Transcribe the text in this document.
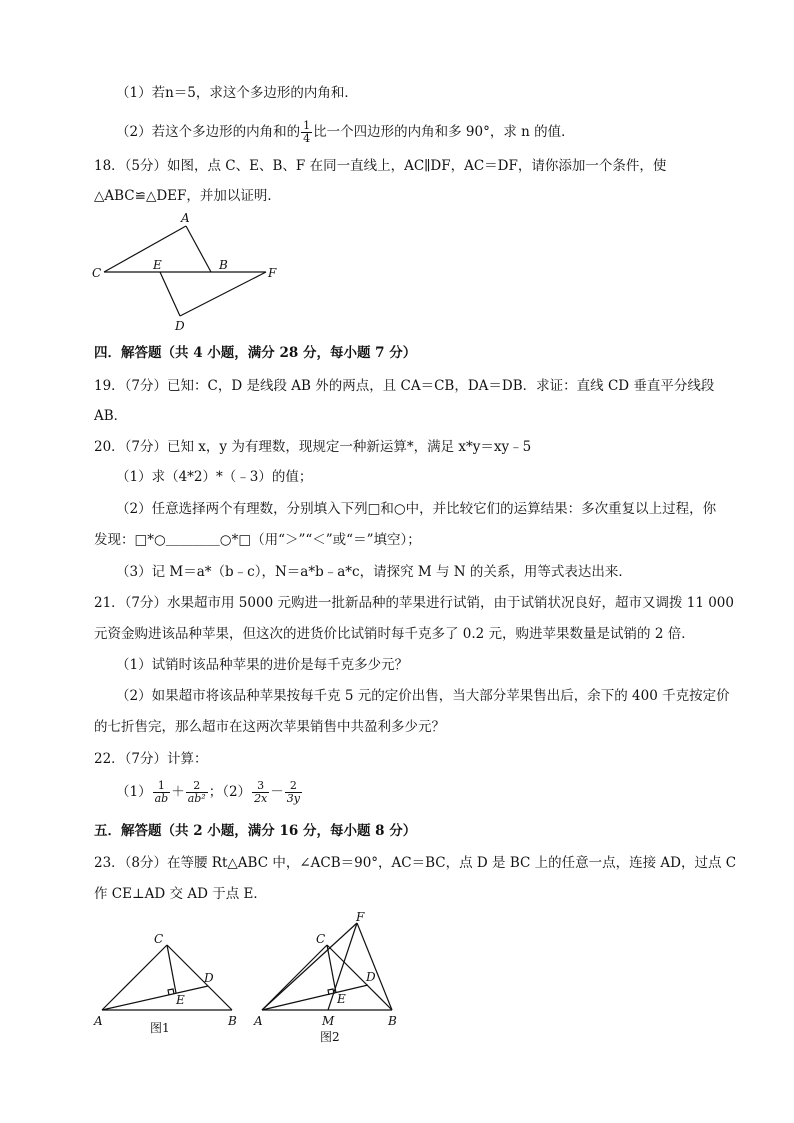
（1）若n＝5，求这个多边形的内角和．
（2）若这个多边形的内角和的 $\frac{1}{4}$ 比一个四边形的内角和多 90°，求 n 的值．
18．（5分）如图，点 C、E、B、F 在同一直线上，AC∥DF，AC＝DF，请你添加一个条件，使
△ABC≌△DEF，并加以证明．
A
C
E	B
F
D
四．解答题（共 4 小题，满分 28 分，每小题 7 分）
19．（7分）已知：C，D 是线段 AB 外的两点，且 CA＝CB，DA＝DB．求证：直线 CD 垂直平分线段
AB．
20．（7分）已知 x，y 为有理数，现规定一种新运算*，满足 x*y＝xy﹣5
（1）求（4*2）*（﹣3）的值；
（2）任意选择两个有理数，分别填入下列□和○中，并比较它们的运算结果：多次重复以上过程，你
发现：□*○＿＿＿＿○*□（用“＞”“＜”或“＝”填空）；
（3）记 M＝a*（b﹣c），N＝a*b﹣a*c，请探究 M 与 N 的关系，用等式表达出来．
21．（7分）水果超市用 5000 元购进一批新品种的苹果进行试销，由于试销状况良好，超市又调拨 11 000
元资金购进该品种苹果，但这次的进货价比试销时每千克多了 0.2 元，购进苹果数量是试销的 2 倍．
（1）试销时该品种苹果的进价是每千克多少元？
（2）如果超市将该品种苹果按每千克 5 元的定价出售，当大部分苹果售出后，余下的 400 千克按定价
的七折售完，那么超市在这两次苹果销售中共盈利多少元？
22．（7分）计算：
$(1) \frac{1}{ab} + \frac{2}{\text{ab²}}$ ；$(2) \frac{3}{2x} - \frac{2}{3y}$
五．解答题（共 2 小题，满分 16 分，每小题 8 分）
23．（8分）在等腰 Rt△ABC 中，∠ACB＝90°，AC＝BC，点 D 是 BC 上的任意一点，连接 AD，过点 C
作 CE⊥AD 交 AD 于点 E．
C
D
E
A	B
图1
F
C
D
E
A	M	B
图2
